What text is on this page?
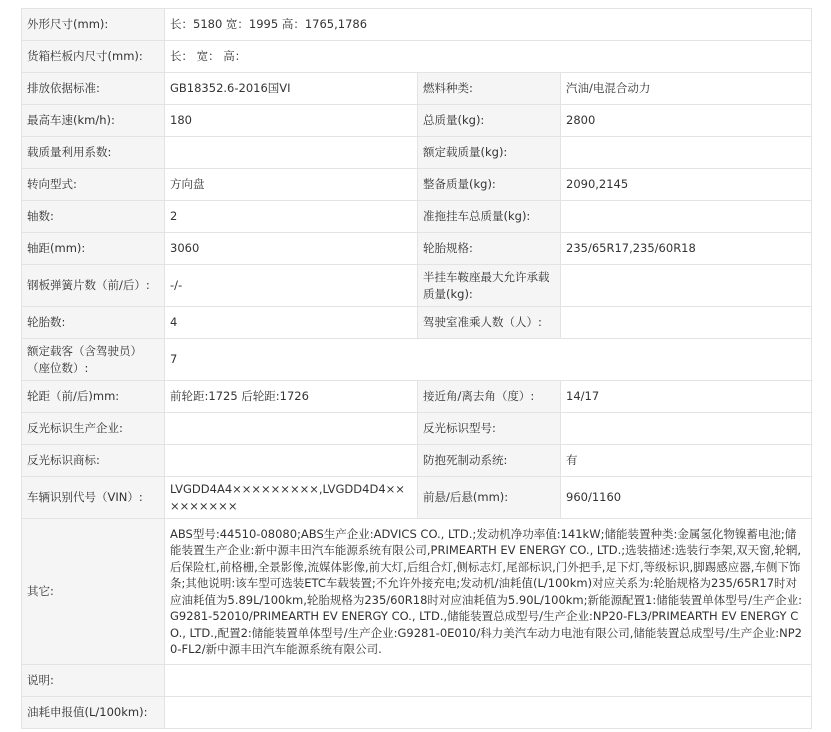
外形尺寸(mm):	长：5180 宽：1995 高：1765,1786		
货箱栏板内尺寸(mm):	长： 宽： 高：		
排放依据标准:	GB18352.6-2016国VI	燃料种类:	汽油/电混合动力
最高车速(km/h):	180	总质量(kg):	2800
载质量利用系数:		额定载质量(kg):	
转向型式:	方向盘	整备质量(kg):	2090,2145
轴数:	2	准拖挂车总质量(kg):	
轴距(mm):	3060	轮胎规格:	235/65R17,235/60R18
钢板弹簧片数（前/后）:	-/-	半挂车鞍座最大允许承载质量(kg):	
轮胎数:	4	驾驶室准乘人数（人）:	
额定载客（含驾驶员）（座位数）:	7		
轮距（前/后)mm:	前轮距:1725 后轮距:1726	接近角/离去角（度）:	14/17
反光标识生产企业:		反光标识型号:	
反光标识商标:		防抱死制动系统:	有
车辆识别代号（VIN）:	LVGDD4A4×××××××××,LVGDD4D4×××××××××	前悬/后悬(mm):	960/1160
其它:	ABS型号:44510-08080;ABS生产企业:ADVICS CO., LTD.;发动机净功率值:141kW;储能装置种类:金属氢化物镍蓄电池;储能装置生产企业:新中源丰田汽车能源系统有限公司,PRIMEARTH EV ENERGY CO., LTD.;选装描述:选装行李架,双天窗,轮辋,后保险杠,前格栅,全景影像,流媒体影像,前大灯,后组合灯,侧标志灯,尾部标识,门外把手,足下灯,等级标识,脚踢感应器,车侧下饰条;其他说明:该车型可选装ETC车载装置;不允许外接充电;发动机/油耗值(L/100km)对应关系为:轮胎规格为235/65R17时对应油耗值为5.89L/100km,轮胎规格为235/60R18时对应油耗值为5.90L/100km;新能源配置1:储能装置单体型号/生产企业:G9281-52010/PRIMEARTH EV ENERGY CO., LTD.,储能装置总成型号/生产企业:NP20-FL3/PRIMEARTH EV ENERGY CO., LTD.,配置2:储能装置单体型号/生产企业:G9281-0E010/科力美汽车动力电池有限公司,储能装置总成型号/生产企业:NP20-FL2/新中源丰田汽车能源系统有限公司.		
说明:			
油耗申报值(L/100km):			
